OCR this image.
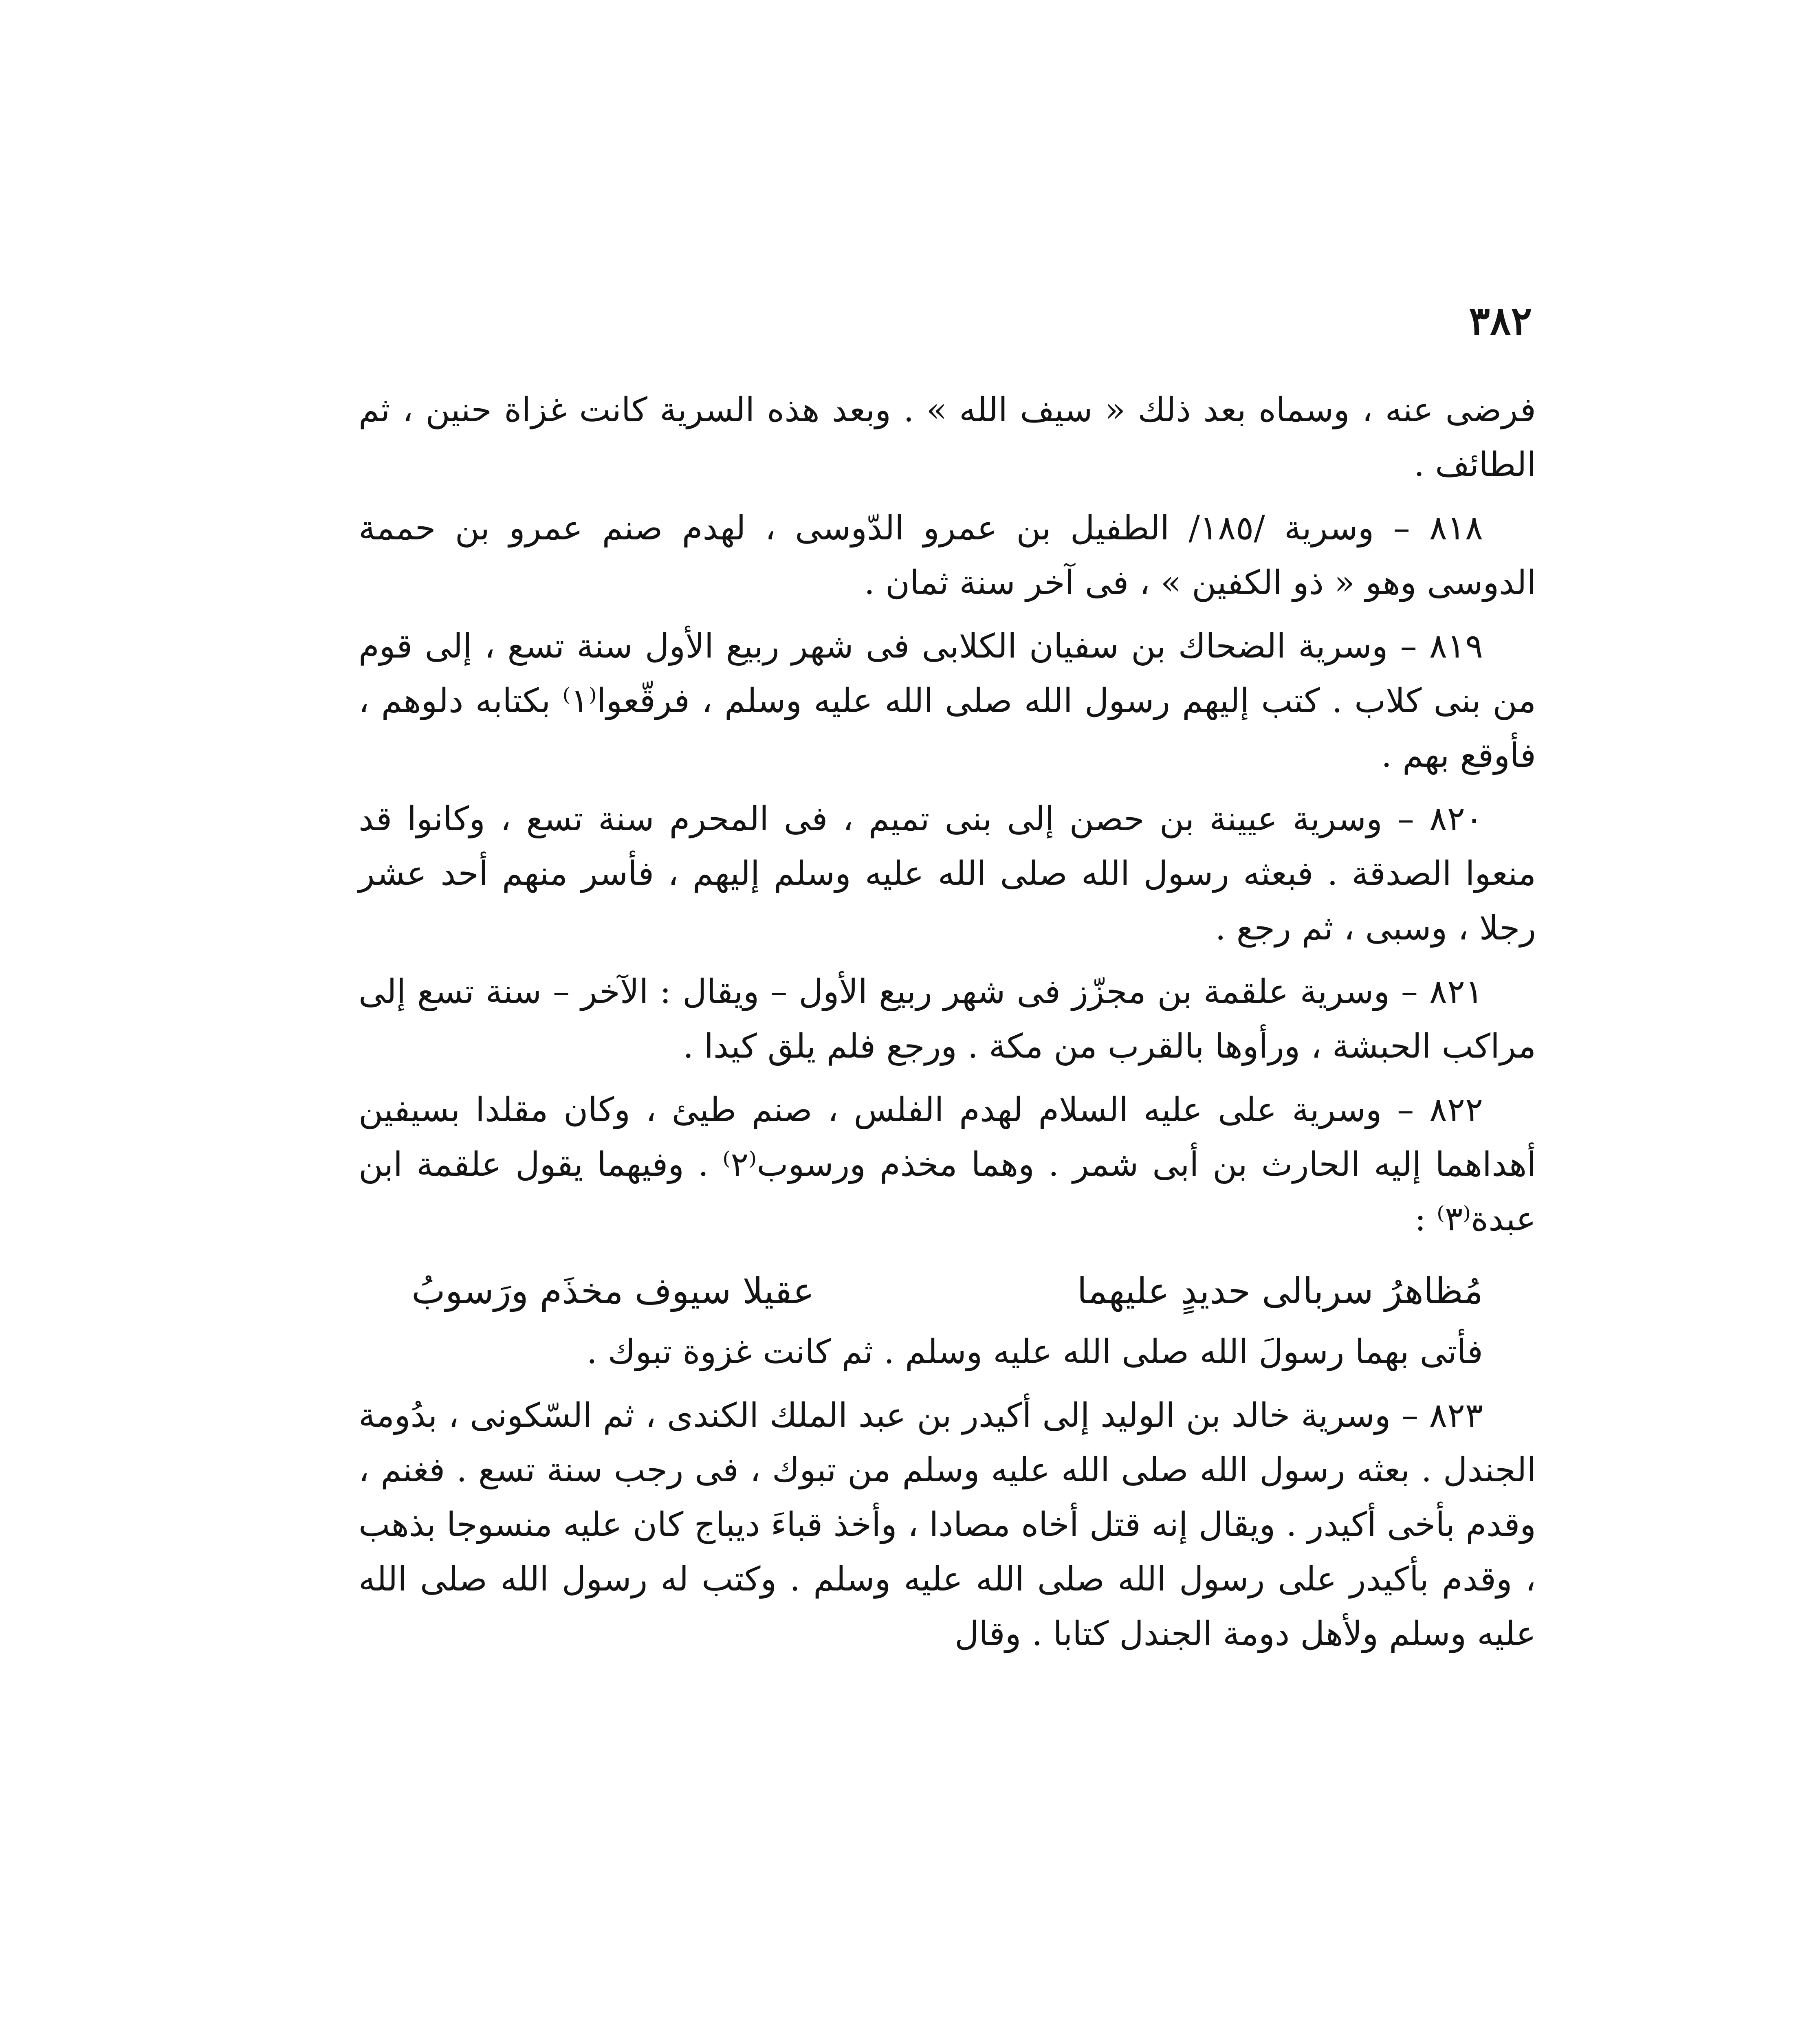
٣٨٢

فرضى عنه ، وسماه بعد ذلك « سيف الله » . وبعد هذه السرية كانت غزاة حنين ، ثم الطائف .

٨١٨ – وسرية /١٨٥/ الطفيل بن عمرو الدّوسى ، لهدم صنم عمرو بن حممة الدوسى وهو « ذو الكفين » ، فى آخر سنة ثمان .

٨١٩ – وسرية الضحاك بن سفيان الكلابى فى شهر ربيع الأول سنة تسع ، إلى قوم من بنى كلاب . كتب إليهم رسول الله صلى الله عليه وسلم ، فرقّعوا⁽١⁾ بكتابه دلوهم ، فأوقع بهم .

٨٢٠ – وسرية عيينة بن حصن إلى بنى تميم ، فى المحرم سنة تسع ، وكانوا قد منعوا الصدقة . فبعثه رسول الله صلى الله عليه وسلم إليهم ، فأسر منهم أحد عشر رجلا ، وسبى ، ثم رجع .

٨٢١ – وسرية علقمة بن مجزّز فى شهر ربيع الأول – ويقال : الآخر – سنة تسع إلى مراكب الحبشة ، ورأوها بالقرب من مكة . ورجع فلم يلق كيدا .

٨٢٢ – وسرية على عليه السلام لهدم الفلس ، صنم طيئ ، وكان مقلدا بسيفين أهداهما إليه الحارث بن أبى شمر . وهما مخذم ورسوب⁽٢⁾ . وفيهما يقول علقمة ابن عبدة⁽٣⁾ :

مُظاهرُ سربالى حديدٍ عليهما
عقيلا سيوف مخذَم ورَسوبُ

فأتى بهما رسولَ الله صلى الله عليه وسلم . ثم كانت غزوة تبوك .

٨٢٣ – وسرية خالد بن الوليد إلى أكيدر بن عبد الملك الكندى ، ثم السّكونى ، بدُومة الجندل . بعثه رسول الله صلى الله عليه وسلم من تبوك ، فى رجب سنة تسع . فغنم ، وقدم بأخى أكيدر . ويقال إنه قتل أخاه مصادا ، وأخذ قباءَ ديباج كان عليه منسوجا بذهب ، وقدم بأكيدر على رسول الله صلى الله عليه وسلم . وكتب له رسول الله صلى الله عليه وسلم ولأهل دومة الجندل كتابا . وقال
